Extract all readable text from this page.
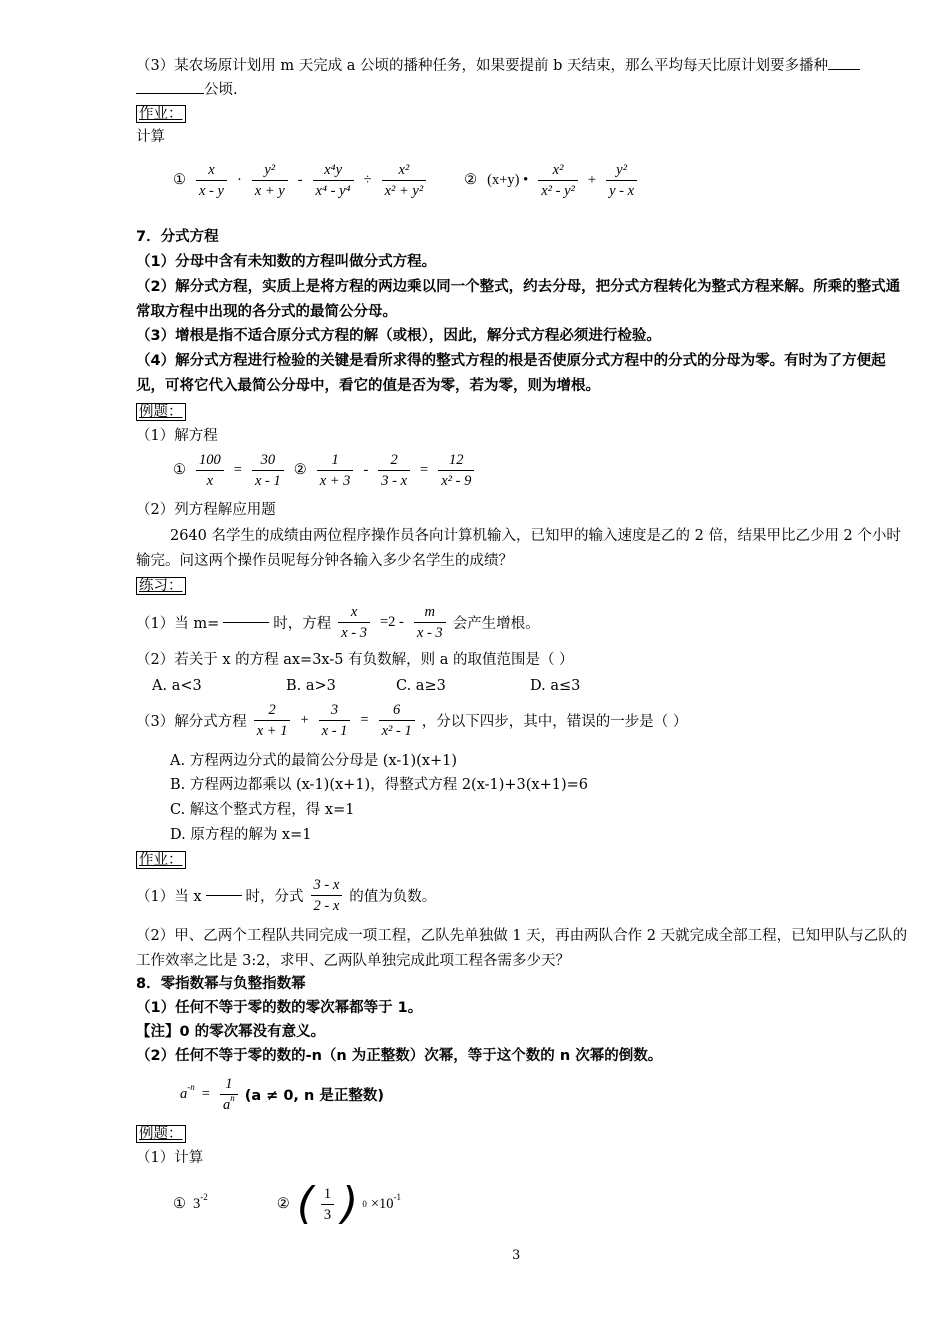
（3）某农场原计划用 m 天完成 a 公顷的播种任务，如果要提前 b 天结束，那么平均每天比原计划要多播种
公顷.
作业：
计算
① $\frac{x}{x - y} \cdot \frac{\text{y²}}{x + y} - \frac{\text{x⁴y}}{\text{x⁴ - y⁴}} \div \frac{\text{x²}}{\text{x² + y²}}$	② (x+y) • $\frac{\text{x²}}{\text{x² - y²}} + \frac{\text{y²}}{y - x}$
7．分式方程
（1）分母中含有未知数的方程叫做分式方程。
（2）解分式方程，实质上是将方程的两边乘以同一个整式，约去分母，把分式方程转化为整式方程来解。所乘的整式通常取方程中出现的各分式的最简公分母。
（3）增根是指不适合原分式方程的解（或根），因此，解分式方程必须进行检验。
（4）解分式方程进行检验的关键是看所求得的整式方程的根是否使原分式方程中的分式的分母为零。有时为了方便起见，可将它代入最简公分母中，看它的值是否为零，若为零，则为增根。
例题：
（1）解方程
① $\frac{100}{x} = \frac{30}{x - 1}$ ② $\frac{1}{x + 3} - \frac{2}{3 - x} = \frac{12}{\text{x² - 9}}$
（2）列方程解应用题
2640 名学生的成绩由两位程序操作员各向计算机输入，已知甲的输入速度是乙的 2 倍，结果甲比乙少用 2 个小时输完。问这两个操作员呢每分钟各输入多少名学生的成绩？
练习：
（1）当 m=	时，方程 $\frac{x}{x - 3} =2 - \frac{m}{x - 3}$ 会产生增根。
（2）若关于 x 的方程 ax=3x-5 有负数解，则 a 的取值范围是（ ）
A. a<3	B. a>3	C. a≥3	D. a≤3
（3）解分式方程 $\frac{2}{x + 1} + \frac{3}{x - 1} = \frac{6}{\text{x² - 1}}$ ，分以下四步，其中，错误的一步是（ ）
A. 方程两边分式的最简公分母是 (x-1)(x+1)
B. 方程两边都乘以 (x-1)(x+1)，得整式方程 2(x-1)+3(x+1)=6
C. 解这个整式方程，得 x=1
D. 原方程的解为 x=1
作业：
（1）当 x	时，分式 $\frac{3 - x}{2 - x}$ 的值为负数。
（2）甲、乙两个工程队共同完成一项工程，乙队先单独做 1 天，再由两队合作 2 天就完成全部工程，已知甲队与乙队的工作效率之比是 3:2，求甲、乙两队单独完成此项工程各需多少天？
8．零指数幂与负整指数幂
（1）任何不等于零的数的零次幂都等于 1。
【注】0 的零次幂没有意义。
（2）任何不等于零的数的-n（n 为正整数）次幂，等于这个数的 n 次幂的倒数。
$a^{-n} = \frac{1}{a^n} (a \ne 0$, n 是正整数)
例题：
（1）计算
① $3^{-2}$	② ( $\frac{1}{3}$ ) $0 \times 10^{-1}$
3
